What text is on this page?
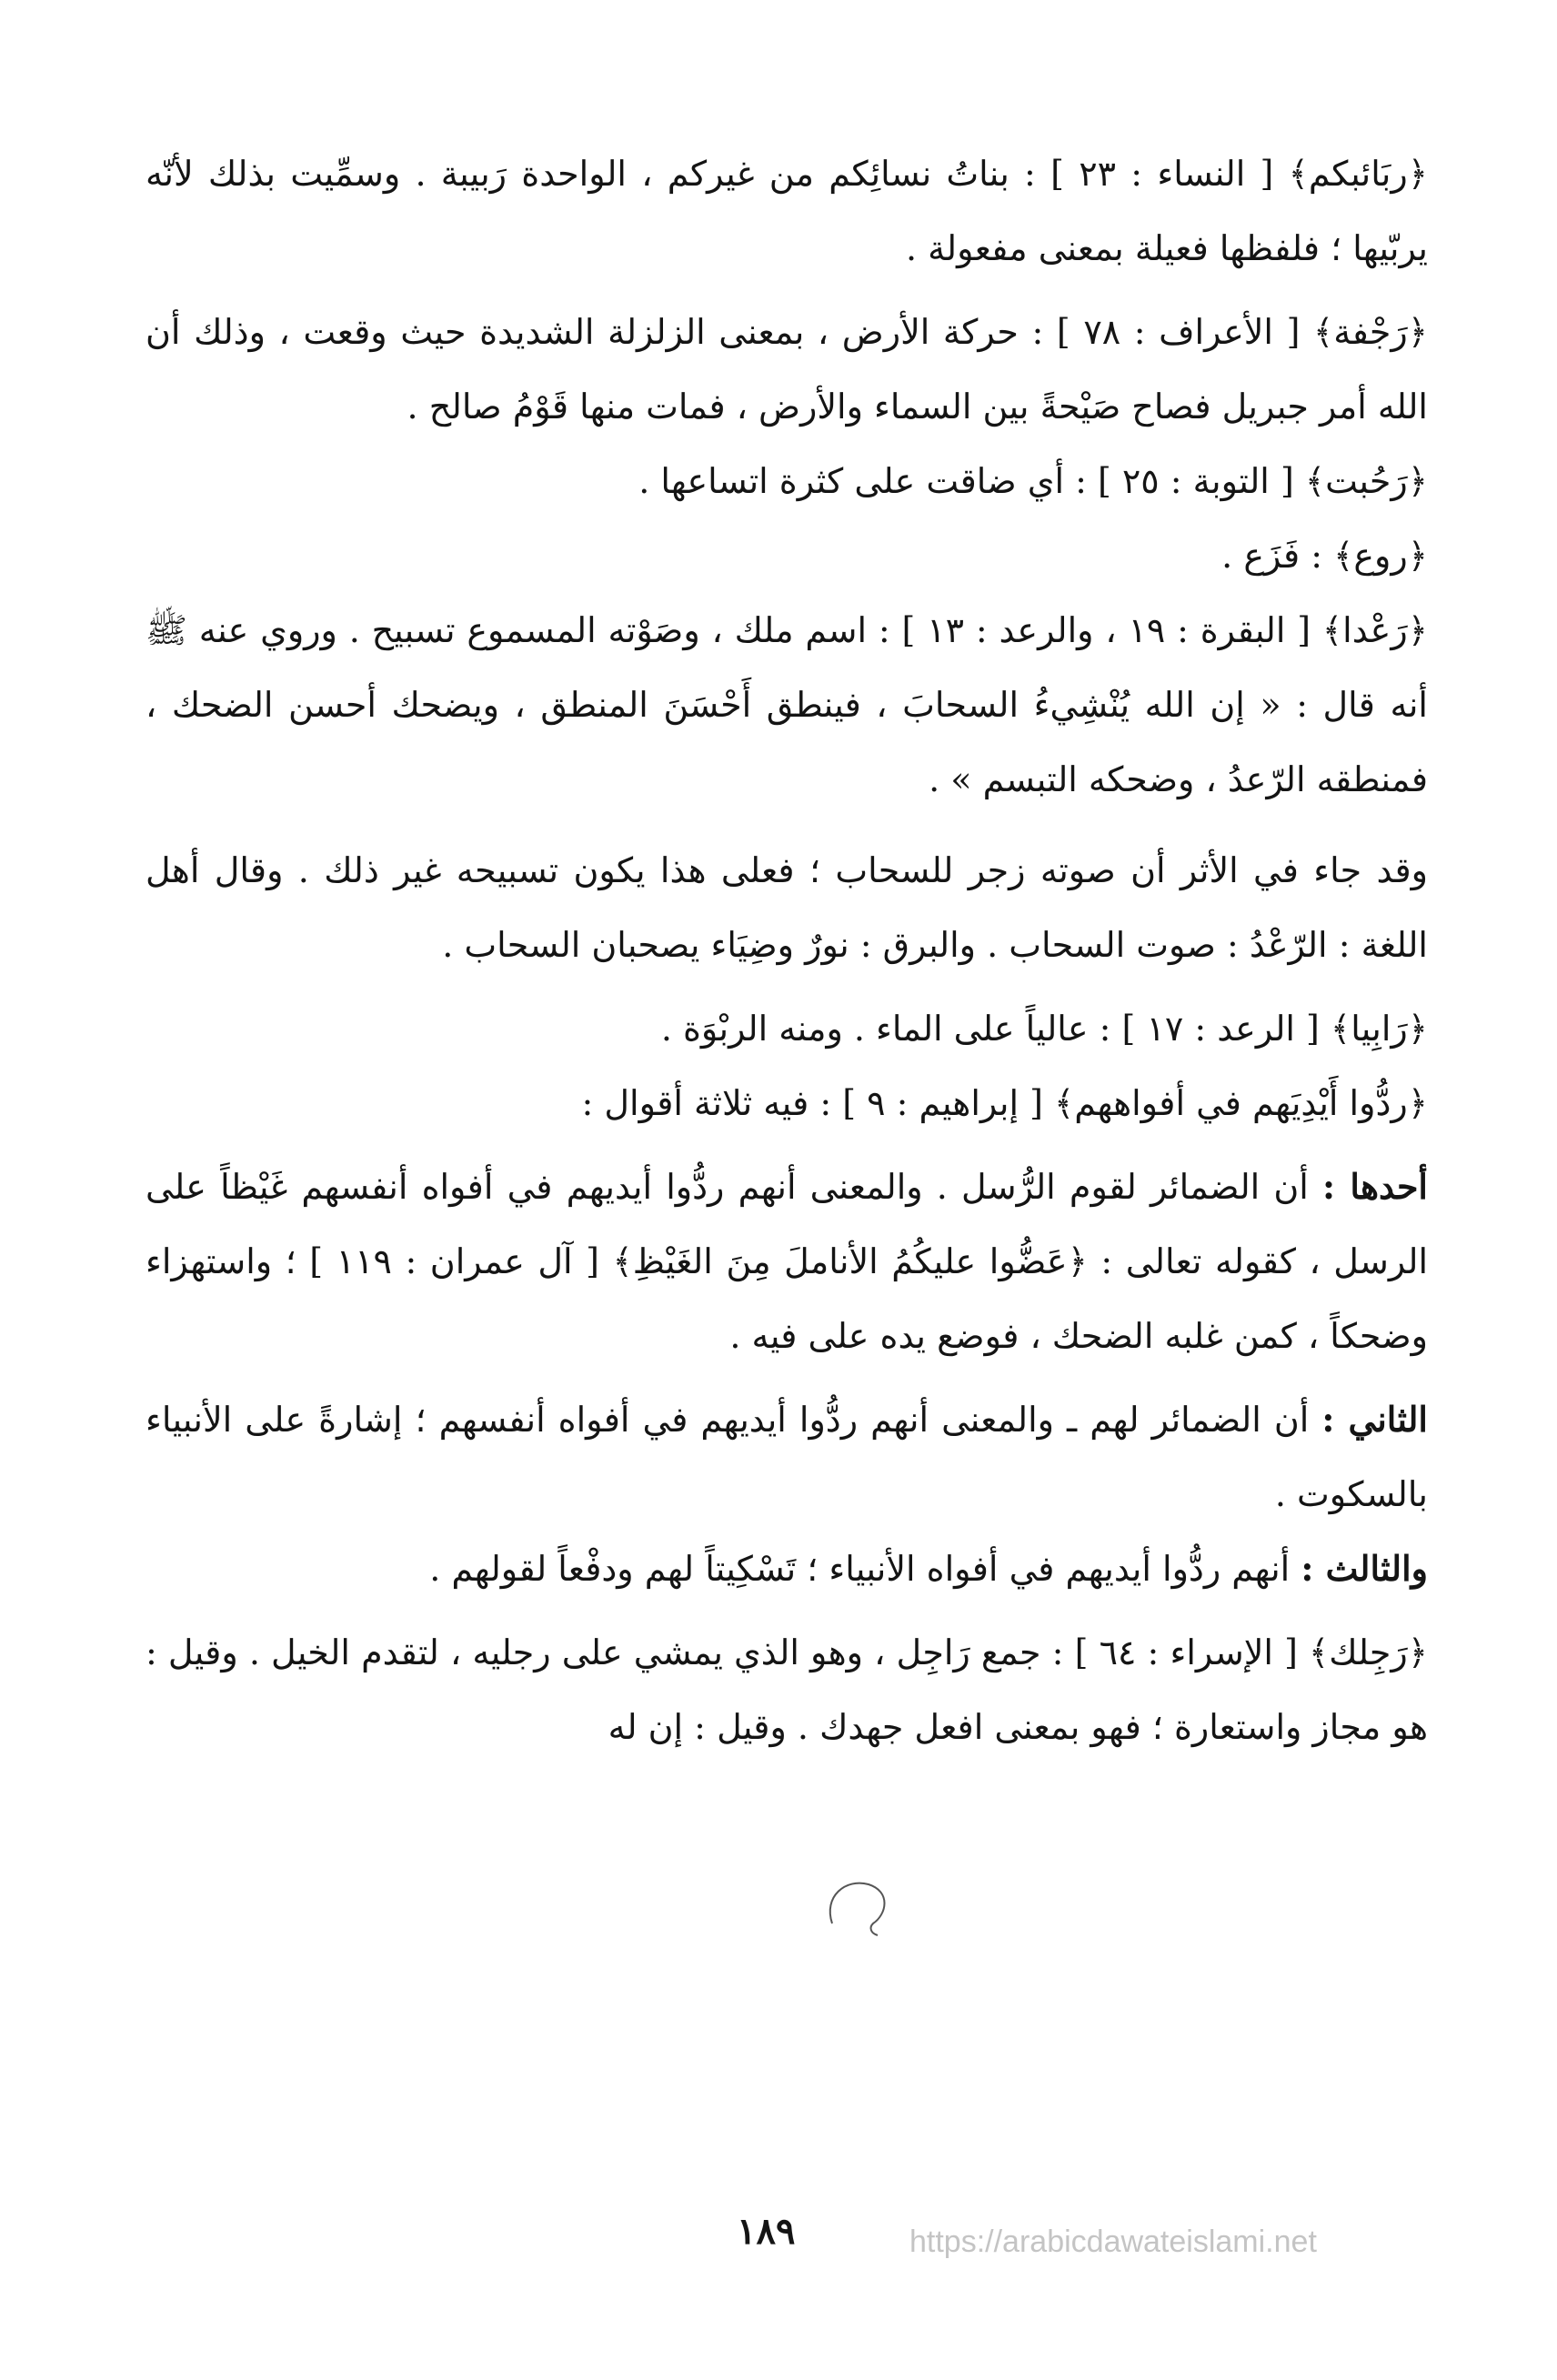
﴿ربَائبكم﴾ [ النساء : ٢٣ ] : بناتُ نسائِكم من غيركم ، الواحدة رَبيبة . وسمِّيت بذلك لأنّه يربّيها ؛ فلفظها فعيلة بمعنى مفعولة .

﴿رَجْفة﴾ [ الأعراف : ٧٨ ] : حركة الأرض ، بمعنى الزلزلة الشديدة حيث وقعت ، وذلك أن الله أمر جبريل فصاح صَيْحةً بين السماء والأرض ، فمات منها قَوْمُ صالح .

﴿رَحُبت﴾ [ التوبة : ٢٥ ] : أي ضاقت على كثرة اتساعها .

﴿روع﴾ : فَزَع .

﴿رَعْدا﴾ [ البقرة : ١٩ ، والرعد : ١٣ ] : اسم ملك ، وصَوْته المسموع تسبيح . وروي عنه ﷺ أنه قال : « إن الله يُنْشِيءُ السحابَ ، فينطق أَحْسَنَ المنطق ، ويضحك أحسن الضحك ، فمنطقه الرّعدُ ، وضحكه التبسم » .

وقد جاء في الأثر أن صوته زجر للسحاب ؛ فعلى هذا يكون تسبيحه غير ذلك . وقال أهل اللغة : الرّعْدُ : صوت السحاب . والبرق : نورٌ وضِيَاء يصحبان السحاب .

﴿رَابِيا﴾ [ الرعد : ١٧ ] : عالياً على الماء . ومنه الربْوَة .

﴿ردُّوا أَيْدِيَهم في أفواههم﴾ [ إبراهيم : ٩ ] : فيه ثلاثة أقوال :

أحدها : أن الضمائر لقوم الرُّسل . والمعنى أنهم ردُّوا أيديهم في أفواه أنفسهم غَيْظاً على الرسل ، كقوله تعالى : ﴿عَضُّوا عليكُمُ الأناملَ مِنَ الغَيْظِ﴾ [ آل عمران : ١١٩ ] ؛ واستهزاء وضحكاً ، كمن غلبه الضحك ، فوضع يده على فيه .

الثاني : أن الضمائر لهم ـ والمعنى أنهم ردُّوا أيديهم في أفواه أنفسهم ؛ إشارةً على الأنبياء بالسكوت .

والثالث : أنهم ردُّوا أيديهم في أفواه الأنبياء ؛ تَسْكِيتاً لهم ودفْعاً لقولهم .

﴿رَجِلك﴾ [ الإسراء : ٦٤ ] : جمع رَاجِل ، وهو الذي يمشي على رجليه ، لتقدم الخيل . وقيل : هو مجاز واستعارة ؛ فهو بمعنى افعل جهدك . وقيل : إن له

١٨٩	https://arabicdawateislami.net
